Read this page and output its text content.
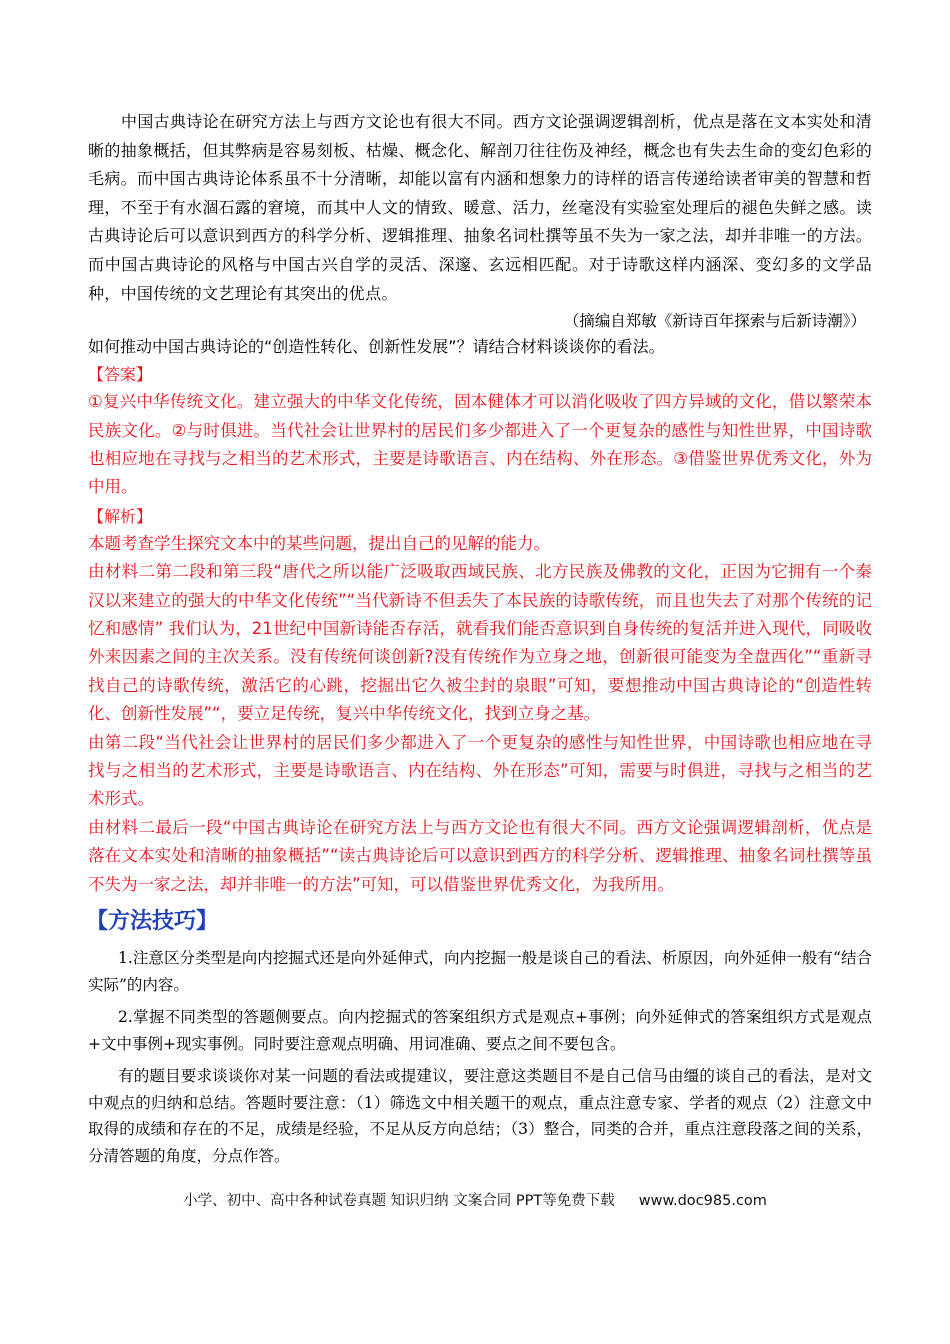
中国古典诗论在研究方法上与西方文论也有很大不同。西方文论强调逻辑剖析，优点是落在文本实处和清晰的抽象概括，但其弊病是容易刻板、枯燥、概念化、解剖刀往往伤及神经，概念也有失去生命的变幻色彩的毛病。而中国古典诗论体系虽不十分清晰，却能以富有内涵和想象力的诗样的语言传递给读者审美的智慧和哲理，不至于有水涸石露的窘境，而其中人文的情致、暖意、活力，丝毫没有实验室处理后的褪色失鲜之感。读古典诗论后可以意识到西方的科学分析、逻辑推理、抽象名词杜撰等虽不失为一家之法，却并非唯一的方法。而中国古典诗论的风格与中国古兴自学的灵活、深邃、玄远相匹配。对于诗歌这样内涵深、变幻多的文学品种，中国传统的文艺理论有其突出的优点。

（摘编自郑敏《新诗百年探索与后新诗潮》）

如何推动中国古典诗论的“创造性转化、创新性发展”？请结合材料谈谈你的看法。

【答案】

①复兴中华传统文化。建立强大的中华文化传统，固本健体才可以消化吸收了四方异域的文化，借以繁荣本民族文化。②与时俱进。当代社会让世界村的居民们多少都进入了一个更复杂的感性与知性世界，中国诗歌也相应地在寻找与之相当的艺术形式，主要是诗歌语言、内在结构、外在形态。③借鉴世界优秀文化，外为中用。

【解析】

本题考查学生探究文本中的某些问题，提出自己的见解的能力。

由材料二第二段和第三段“唐代之所以能广泛吸取西域民族、北方民族及佛教的文化，正因为它拥有一个秦汉以来建立的强大的中华文化传统”“当代新诗不但丢失了本民族的诗歌传统，而且也失去了对那个传统的记忆和感情” 我们认为，21世纪中国新诗能否存活，就看我们能否意识到自身传统的复活并进入现代，同吸收外来因素之间的主次关系。没有传统何谈创新?没有传统作为立身之地，创新很可能变为全盘西化”“重新寻找自己的诗歌传统，激活它的心跳，挖掘出它久被尘封的泉眼”可知，要想推动中国古典诗论的“创造性转化、创新性发展”“，要立足传统，复兴中华传统文化，找到立身之基。

由第二段“当代社会让世界村的居民们多少都进入了一个更复杂的感性与知性世界，中国诗歌也相应地在寻找与之相当的艺术形式，主要是诗歌语言、内在结构、外在形态”可知，需要与时俱进，寻找与之相当的艺术形式。

由材料二最后一段“中国古典诗论在研究方法上与西方文论也有很大不同。西方文论强调逻辑剖析，优点是落在文本实处和清晰的抽象概括”“读古典诗论后可以意识到西方的科学分析、逻辑推理、抽象名词杜撰等虽不失为一家之法，却并非唯一的方法”可知，可以借鉴世界优秀文化，为我所用。

【方法技巧】

1.注意区分类型是向内挖掘式还是向外延伸式，向内挖掘一般是谈自己的看法、析原因，向外延伸一般有“结合实际”的内容。

2.掌握不同类型的答题侧要点。向内挖掘式的答案组织方式是观点+事例；向外延伸式的答案组织方式是观点+文中事例+现实事例。同时要注意观点明确、用词准确、要点之间不要包含。

有的题目要求谈谈你对某一问题的看法或提建议，要注意这类题目不是自己信马由缰的谈自己的看法，是对文中观点的归纳和总结。答题时要注意：（1）筛选文中相关题干的观点，重点注意专家、学者的观点（2）注意文中取得的成绩和存在的不足，成绩是经验，不足从反方向总结；（3）整合，同类的合并，重点注意段落之间的关系，分清答题的角度，分点作答。

小学、初中、高中各种试卷真题 知识归纳 文案合同 PPT等免费下载 www.doc985.com
